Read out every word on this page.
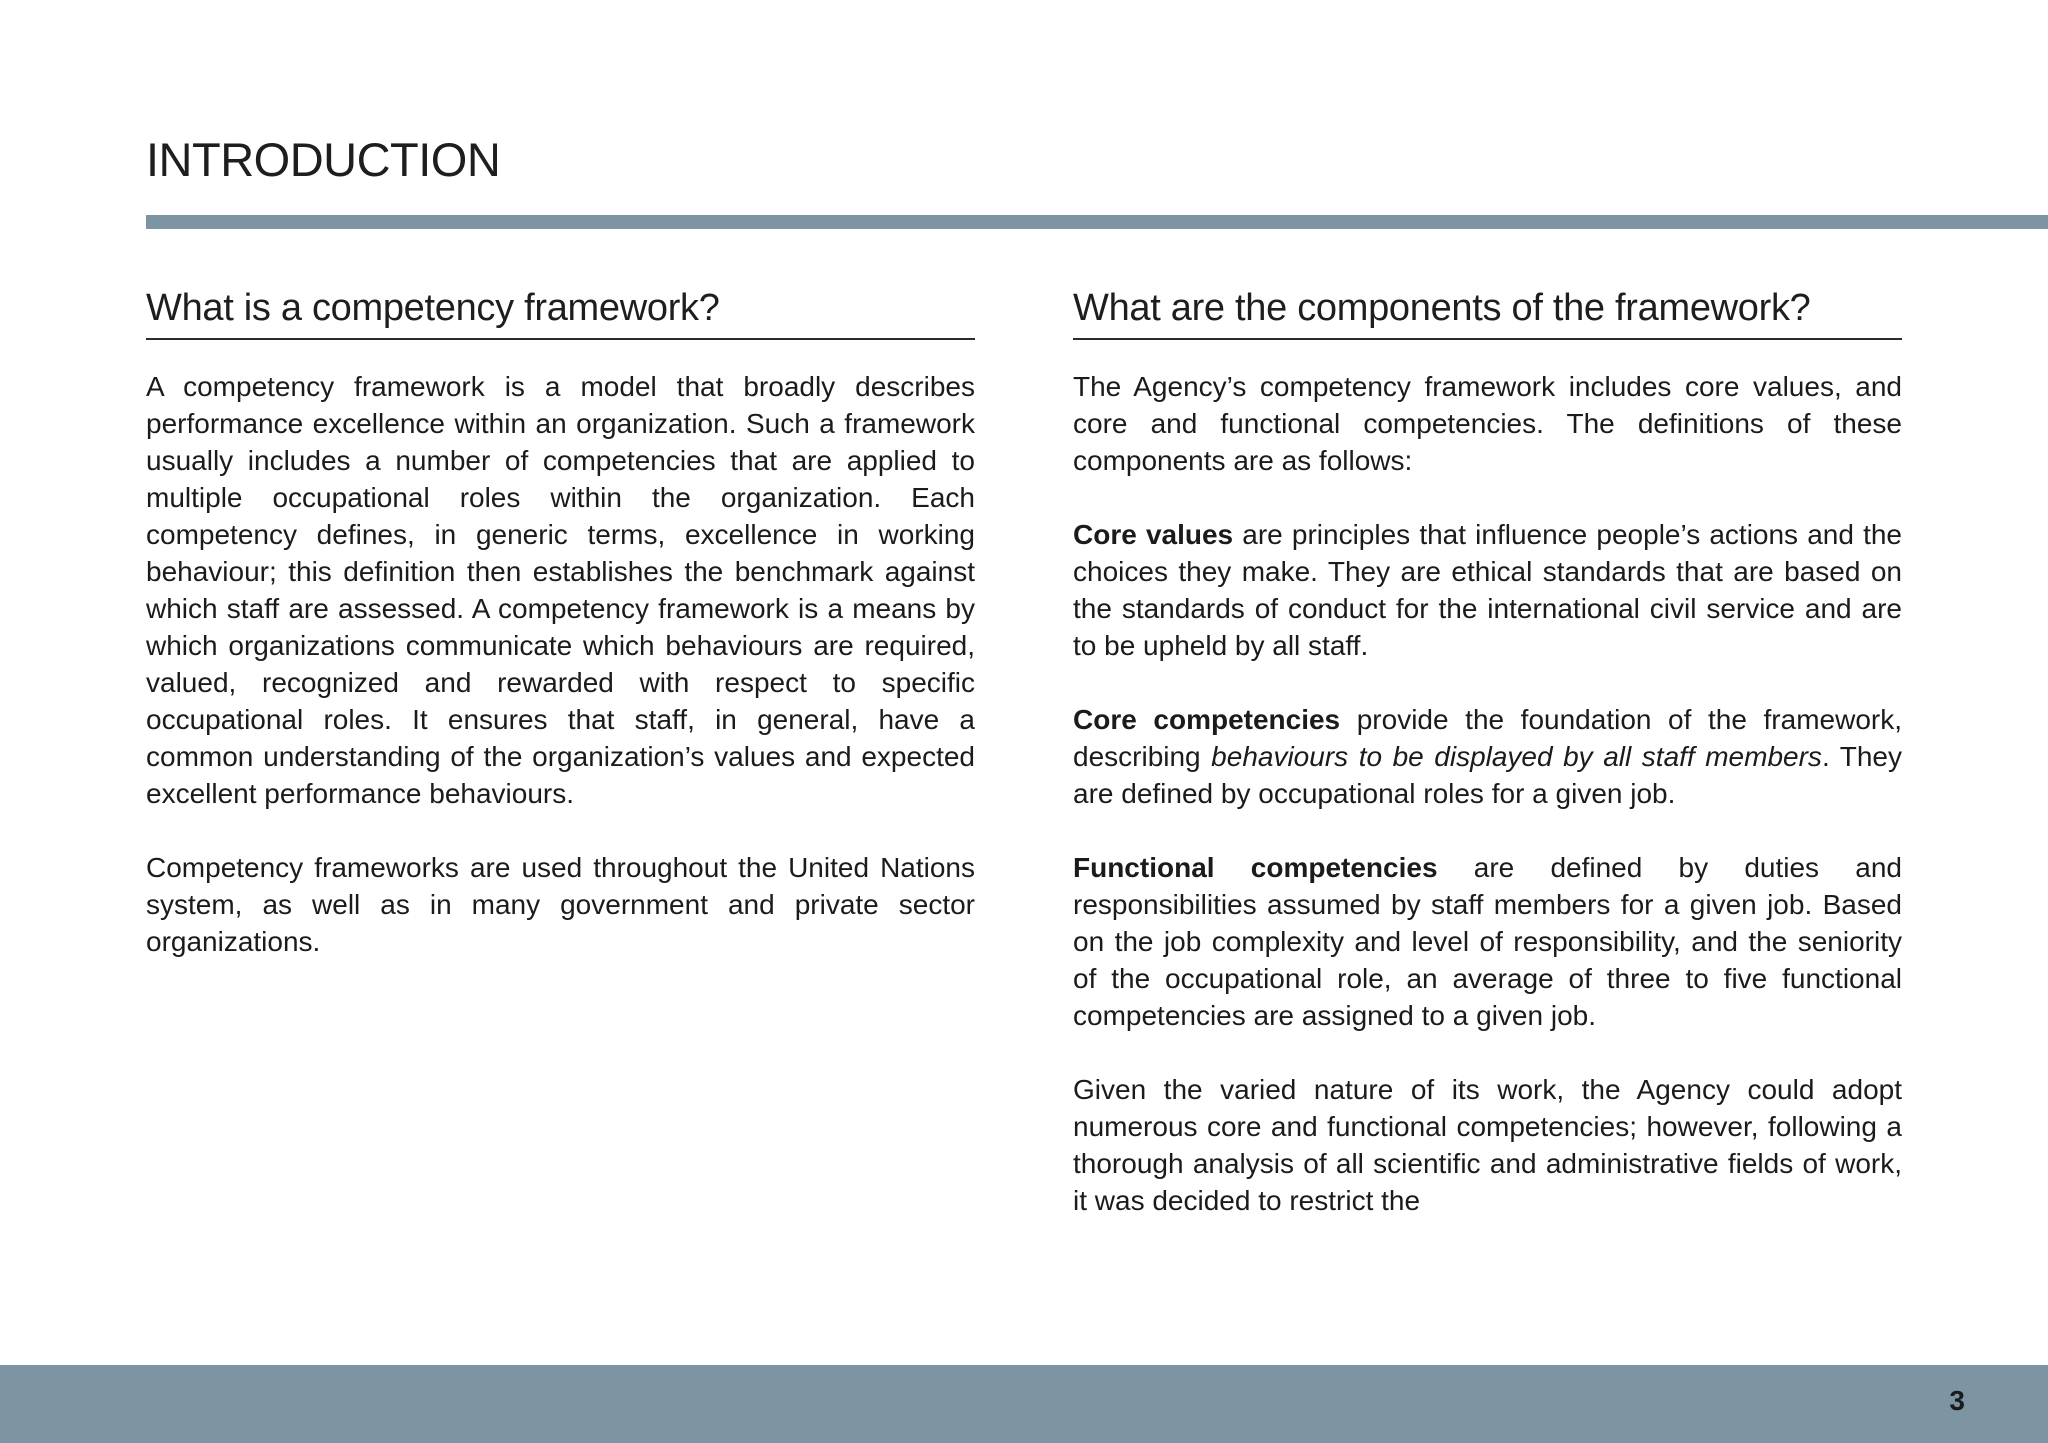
INTRODUCTION
What is a competency framework?

A competency framework is a model that broadly describes performance excellence within an organization. Such a framework usually includes a number of competencies that are applied to multiple occupational roles within the organization. Each competency defines, in generic terms, excellence in working behaviour; this definition then establishes the benchmark against which staff are assessed. A competency framework is a means by which organizations communicate which behaviours are required, valued, recognized and rewarded with respect to specific occupational roles. It ensures that staff, in general, have a common understanding of the organization’s values and expected excellent performance behaviours.

Competency frameworks are used throughout the United Nations system, as well as in many government and private sector organizations.

What are the components of the framework?

The Agency’s competency framework includes core values, and core and functional competencies. The definitions of these components are as follows:

Core values are principles that influence people’s actions and the choices they make. They are ethical standards that are based on the standards of conduct for the international civil service and are to be upheld by all staff.

Core competencies provide the foundation of the framework, describing behaviours to be displayed by all staff members. They are defined by occupational roles for a given job.

Functional competencies are defined by duties and responsibilities assumed by staff members for a given job. Based on the job complexity and level of responsibility, and the seniority of the occupational role, an average of three to five functional competencies are assigned to a given job.

Given the varied nature of its work, the Agency could adopt numerous core and functional competencies; however, following a thorough analysis of all scientific and administrative fields of work, it was decided to restrict the

3
